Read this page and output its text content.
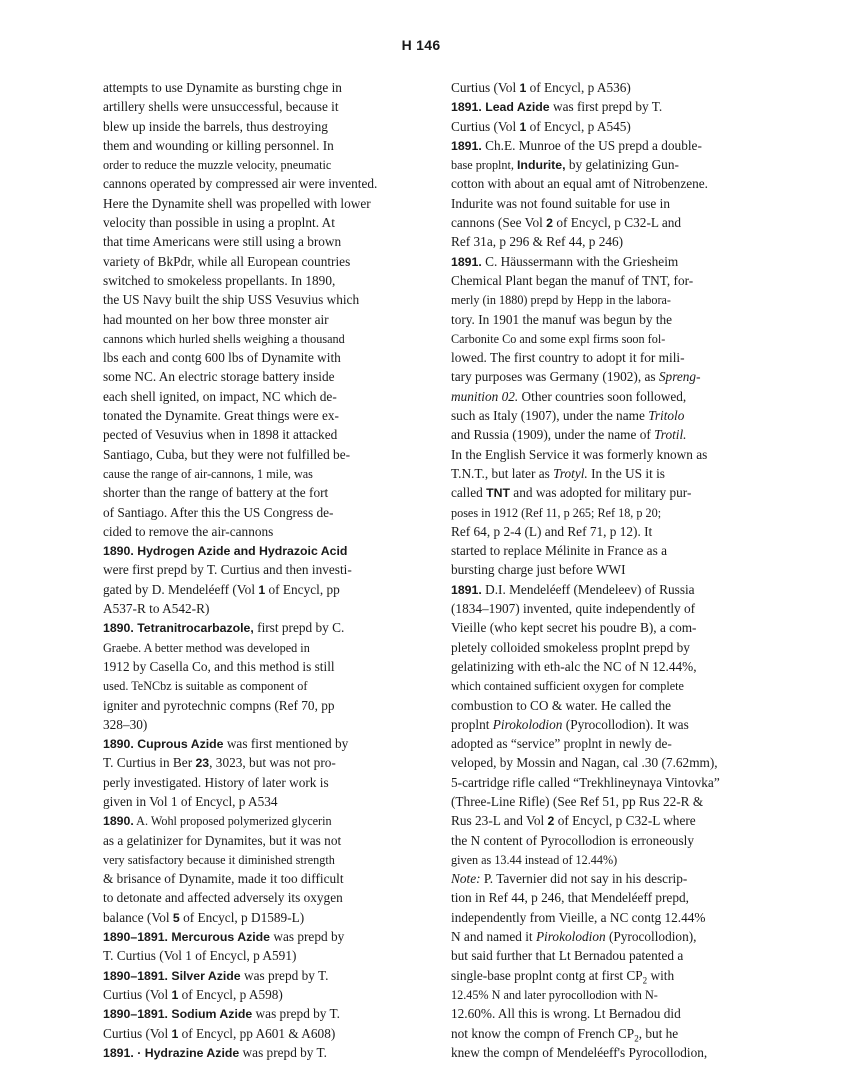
H 146
attempts to use Dynamite as bursting chge in
artillery shells were unsuccessful, because it
blew up inside the barrels, thus destroying
them and wounding or killing personnel. In
order to reduce the muzzle velocity, pneumatic
cannons operated by compressed air were invented.
Here the Dynamite shell was propelled with lower
velocity than possible in using a proplnt. At
that time Americans were still using a brown
variety of BkPdr, while all European countries
switched to smokeless propellants. In 1890,
the US Navy built the ship USS Vesuvius which
had mounted on her bow three monster air
cannons which hurled shells weighing a thousand
lbs each and contg 600 lbs of Dynamite with
some NC. An electric storage battery inside
each shell ignited, on impact, NC which de-
tonated the Dynamite. Great things were ex-
pected of Vesuvius when in 1898 it attacked
Santiago, Cuba, but they were not fulfilled be-
cause the range of air-cannons, 1 mile, was
shorter than the range of battery at the fort
of Santiago. After this the US Congress de-
cided to remove the air-cannons
1890. Hydrogen Azide and Hydrazoic Acid
were first prepd by T. Curtius and then investi-
gated by D. Mendeléeff (Vol 1 of Encycl, pp
A537-R to A542-R)
1890. Tetranitrocarbazole, first prepd by C.
Graebe. A better method was developed in
1912 by Casella Co, and this method is still
used. TeNCbz is suitable as component of
igniter and pyrotechnic compns (Ref 70, pp
328–30)
1890. Cuprous Azide was first mentioned by
T. Curtius in Ber 23, 3023, but was not pro-
perly investigated. History of later work is
given in Vol 1 of Encycl, p A534
1890. A. Wohl proposed polymerized glycerin
as a gelatinizer for Dynamites, but it was not
very satisfactory because it diminished strength
& brisance of Dynamite, made it too difficult
to detonate and affected adversely its oxygen
balance (Vol 5 of Encycl, p D1589-L)
1890–1891. Mercurous Azide was prepd by
T. Curtius (Vol 1 of Encycl, p A591)
1890–1891. Silver Azide was prepd by T.
Curtius (Vol 1 of Encycl, p A598)
1890–1891. Sodium Azide was prepd by T.
Curtius (Vol 1 of Encycl, pp A601 & A608)
1891. · Hydrazine Azide was prepd by T.
Curtius (Vol 1 of Encycl, p A536)
1891. Lead Azide was first prepd by T.
Curtius (Vol 1 of Encycl, p A545)
1891. Ch.E. Munroe of the US prepd a double-
base proplnt, Indurite, by gelatinizing Gun-
cotton with about an equal amt of Nitrobenzene.
Indurite was not found suitable for use in
cannons (See Vol 2 of Encycl, p C32-L and
Ref 31a, p 296 & Ref 44, p 246)
1891. C. Häussermann with the Griesheim
Chemical Plant began the manuf of TNT, for-
merly (in 1880) prepd by Hepp in the labora-
tory. In 1901 the manuf was begun by the
Carbonite Co and some expl firms soon fol-
lowed. The first country to adopt it for mili-
tary purposes was Germany (1902), as Spreng-
munition 02. Other countries soon followed,
such as Italy (1907), under the name Tritolo
and Russia (1909), under the name of Trotil.
In the English Service it was formerly known as
T.N.T., but later as Trotyl. In the US it is
called TNT and was adopted for military pur-
poses in 1912 (Ref 11, p 265; Ref 18, p 20;
Ref 64, p 2-4 (L) and Ref 71, p 12). It
started to replace Mélinite in France as a
bursting charge just before WWI
1891. D.I. Mendeléeff (Mendeleev) of Russia
(1834–1907) invented, quite independently of
Vieille (who kept secret his poudre B), a com-
pletely colloided smokeless proplnt prepd by
gelatinizing with eth-alc the NC of N 12.44%,
which contained sufficient oxygen for complete
combustion to CO & water. He called the
proplnt Pirokolodion (Pyrocollodion). It was
adopted as “service” proplnt in newly de-
veloped, by Mossin and Nagan, cal .30 (7.62mm),
5-cartridge rifle called “Trekhlineynaya Vintovka”
(Three-Line Rifle) (See Ref 51, pp Rus 22-R &
Rus 23-L and Vol 2 of Encycl, p C32-L where
the N content of Pyrocollodion is erroneously
given as 13.44 instead of 12.44%)
Note: P. Tavernier did not say in his descrip-
tion in Ref 44, p 246, that Mendeléeff prepd,
independently from Vieille, a NC contg 12.44%
N and named it Pirokolodion (Pyrocollodion),
but said further that Lt Bernadou patented a
single-base proplnt contg at first $CP_2$ with
12.45% N and later pyrocollodion with N-
12.60%. All this is wrong. Lt Bernadou did
not know the compn of French $CP_2$, but he
knew the compn of Mendeléeff's Pyrocollodion,
